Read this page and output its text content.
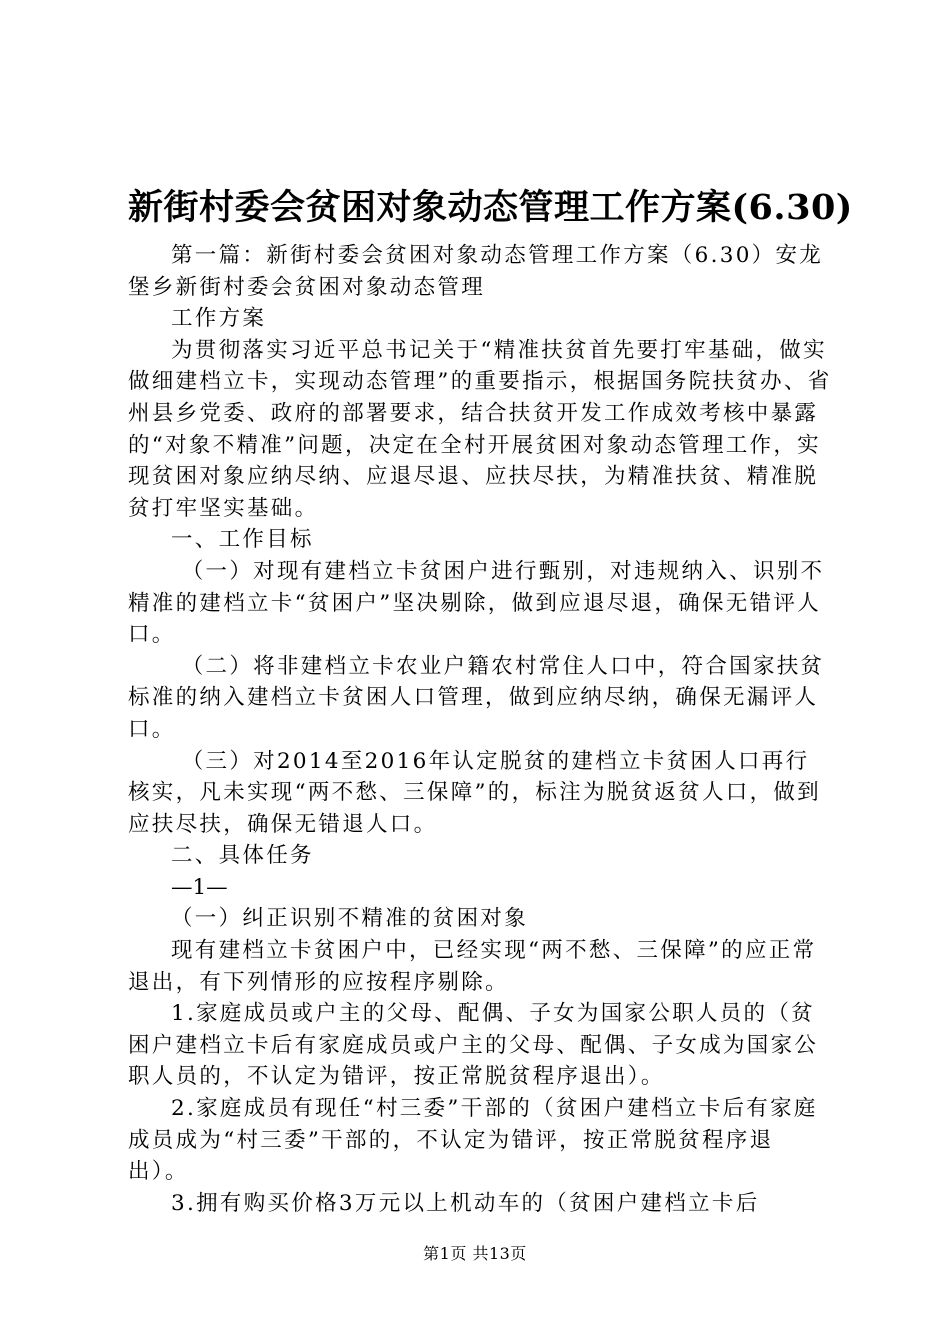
新街村委会贫困对象动态管理工作方案(6.30)

第一篇：新街村委会贫困对象动态管理工作方案（6.30）安龙堡乡新街村委会贫困对象动态管理

工作方案

为贯彻落实习近平总书记关于“精准扶贫首先要打牢基础，做实做细建档立卡，实现动态管理”的重要指示，根据国务院扶贫办、省州县乡党委、政府的部署要求，结合扶贫开发工作成效考核中暴露的“对象不精准”问题，决定在全村开展贫困对象动态管理工作，实现贫困对象应纳尽纳、应退尽退、应扶尽扶，为精准扶贫、精准脱贫打牢坚实基础。

一、工作目标

（一）对现有建档立卡贫困户进行甄别，对违规纳入、识别不精准的建档立卡“贫困户”坚决剔除，做到应退尽退，确保无错评人口。

（二）将非建档立卡农业户籍农村常住人口中，符合国家扶贫标准的纳入建档立卡贫困人口管理，做到应纳尽纳，确保无漏评人口。

（三）对2014至2016年认定脱贫的建档立卡贫困人口再行核实，凡未实现“两不愁、三保障”的，标注为脱贫返贫人口，做到应扶尽扶，确保无错退人口。

二、具体任务

—1—

（一）纠正识别不精准的贫困对象

现有建档立卡贫困户中，已经实现“两不愁、三保障”的应正常退出，有下列情形的应按程序剔除。

1.家庭成员或户主的父母、配偶、子女为国家公职人员的（贫困户建档立卡后有家庭成员或户主的父母、配偶、子女成为国家公职人员的，不认定为错评，按正常脱贫程序退出）。

2.家庭成员有现任“村三委”干部的（贫困户建档立卡后有家庭成员成为“村三委”干部的，不认定为错评，按正常脱贫程序退出）。

3.拥有购买价格3万元以上机动车的（贫困户建档立卡后

第1页 共13页
